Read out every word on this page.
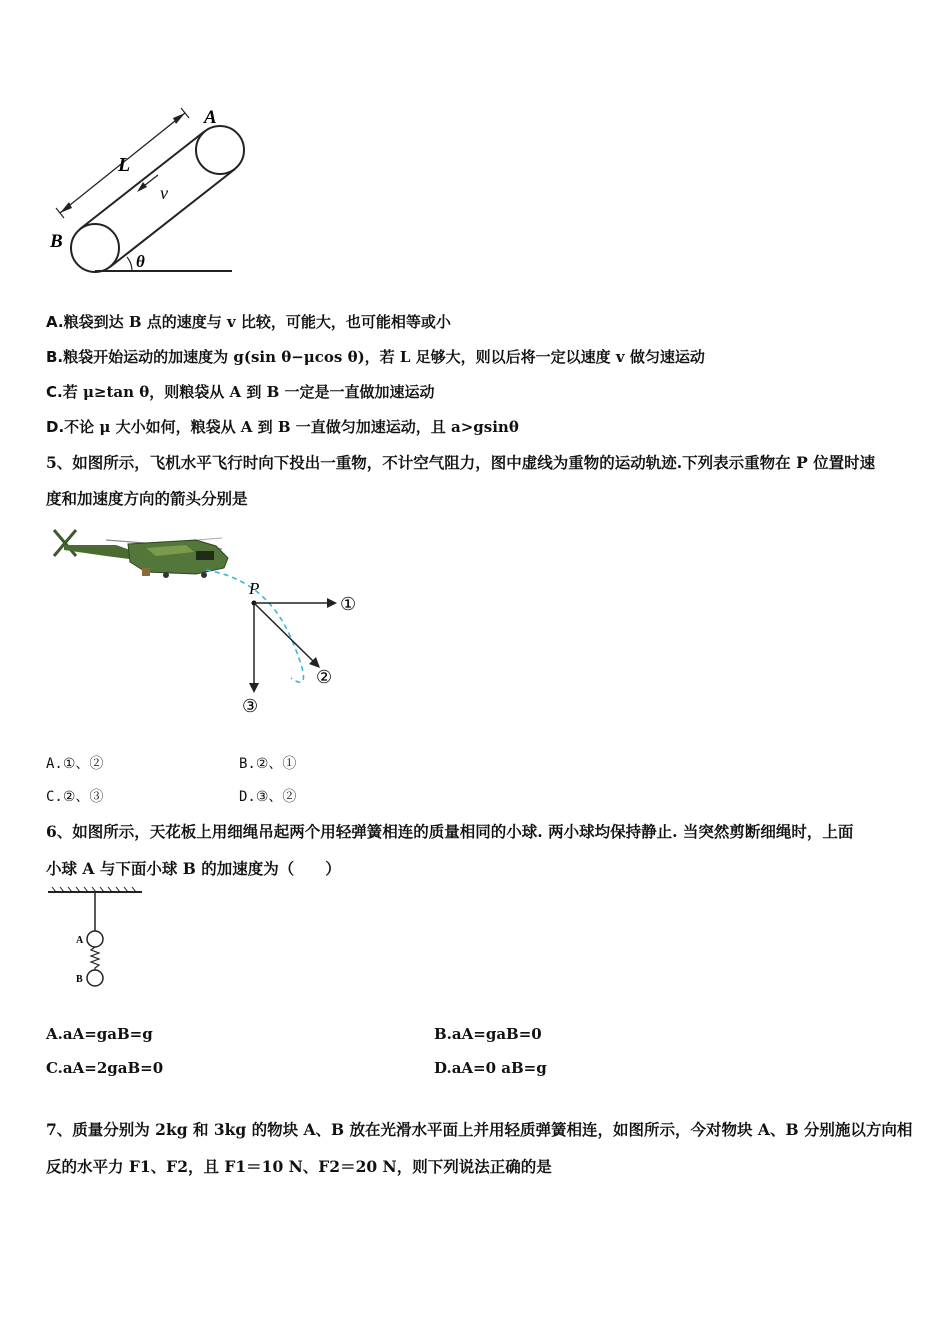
A
B
L
v
θ
A.粮袋到达 B 点的速度与 v 比较，可能大，也可能相等或小
B.粮袋开始运动的加速度为 g(sin θ−μcos θ)，若 L 足够大，则以后将一定以速度 v 做匀速运动
C.若 μ≥tan θ，则粮袋从 A 到 B 一定是一直做加速运动
D.不论 μ 大小如何，粮袋从 A 到 B 一直做匀加速运动，且 a>gsinθ
5、如图所示，飞机水平飞行时向下投出一重物，不计空气阻力，图中虚线为重物的运动轨迹.下列表示重物在 P 位置时速
度和加速度方向的箭头分别是
P
①
②
③
A.①、②	B.②、①
C.②、③	D.③、②
6、如图所示，天花板上用细绳吊起两个用轻弹簧相连的质量相同的小球. 两小球均保持静止. 当突然剪断细绳时，上面
小球 A 与下面小球 B 的加速度为（　　）
A
B
A.aA=gaB=g	B.aA=gaB=0
C.aA=2gaB=0	D.aA=0 aB=g
7、质量分别为 2kg 和 3kg 的物块 A、B 放在光滑水平面上并用轻质弹簧相连，如图所示，今对物块 A、B 分别施以方向相
反的水平力 F1、F2，且 F1＝10 N、F2＝20 N，则下列说法正确的是
